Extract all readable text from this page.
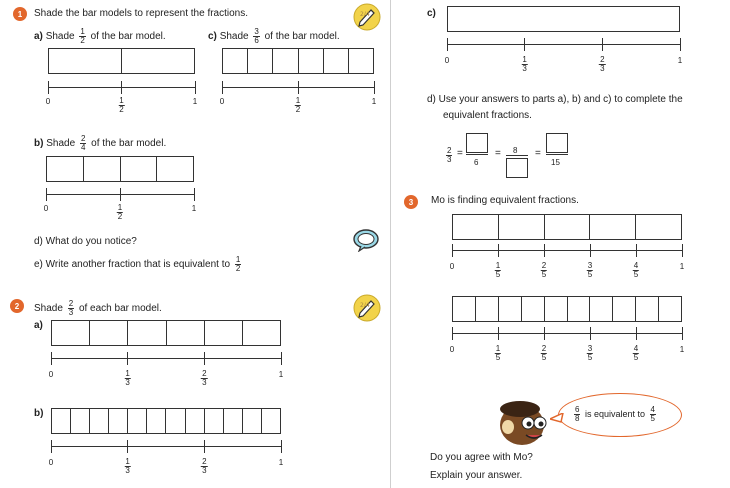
1	Shade the bar models to represent the fractions.	2/4
a) Shade $\frac{1}{2}$ of the bar model.
0	$\frac{1}{2}$	1
c) Shade $\frac{3}{6}$ of the bar model.
0	$\frac{1}{2}$	1
b) Shade $\frac{2}{4}$ of the bar model.
0	$\frac{1}{2}$	1
d) What do you notice?
e) Write another fraction that is equivalent to $\frac{1}{2}$
2	Shade $\frac{2}{3}$ of each bar model.	2/4
a)
0	$\frac{1}{3}$	$\frac{2}{3}$	1
b)
0	$\frac{1}{3}$	$\frac{2}{3}$	1
c)
0	$\frac{1}{3}$	$\frac{2}{3}$	1
d) Use your answers to parts a), b) and c) to complete the
equivalent fractions.
$\frac{2}{3}$ =
6
= 8 =
15
3	Mo is finding equivalent fractions.
0	$\frac{1}{5}$	$\frac{2}{5}$	$\frac{3}{5}$	$\frac{4}{5}$	1
0	$\frac{1}{5}$	$\frac{2}{5}$	$\frac{3}{5}$	$\frac{4}{5}$	1
$\frac{6}{8}$ is equivalent to $\frac{4}{5}$
Do you agree with Mo?
Explain your answer.
